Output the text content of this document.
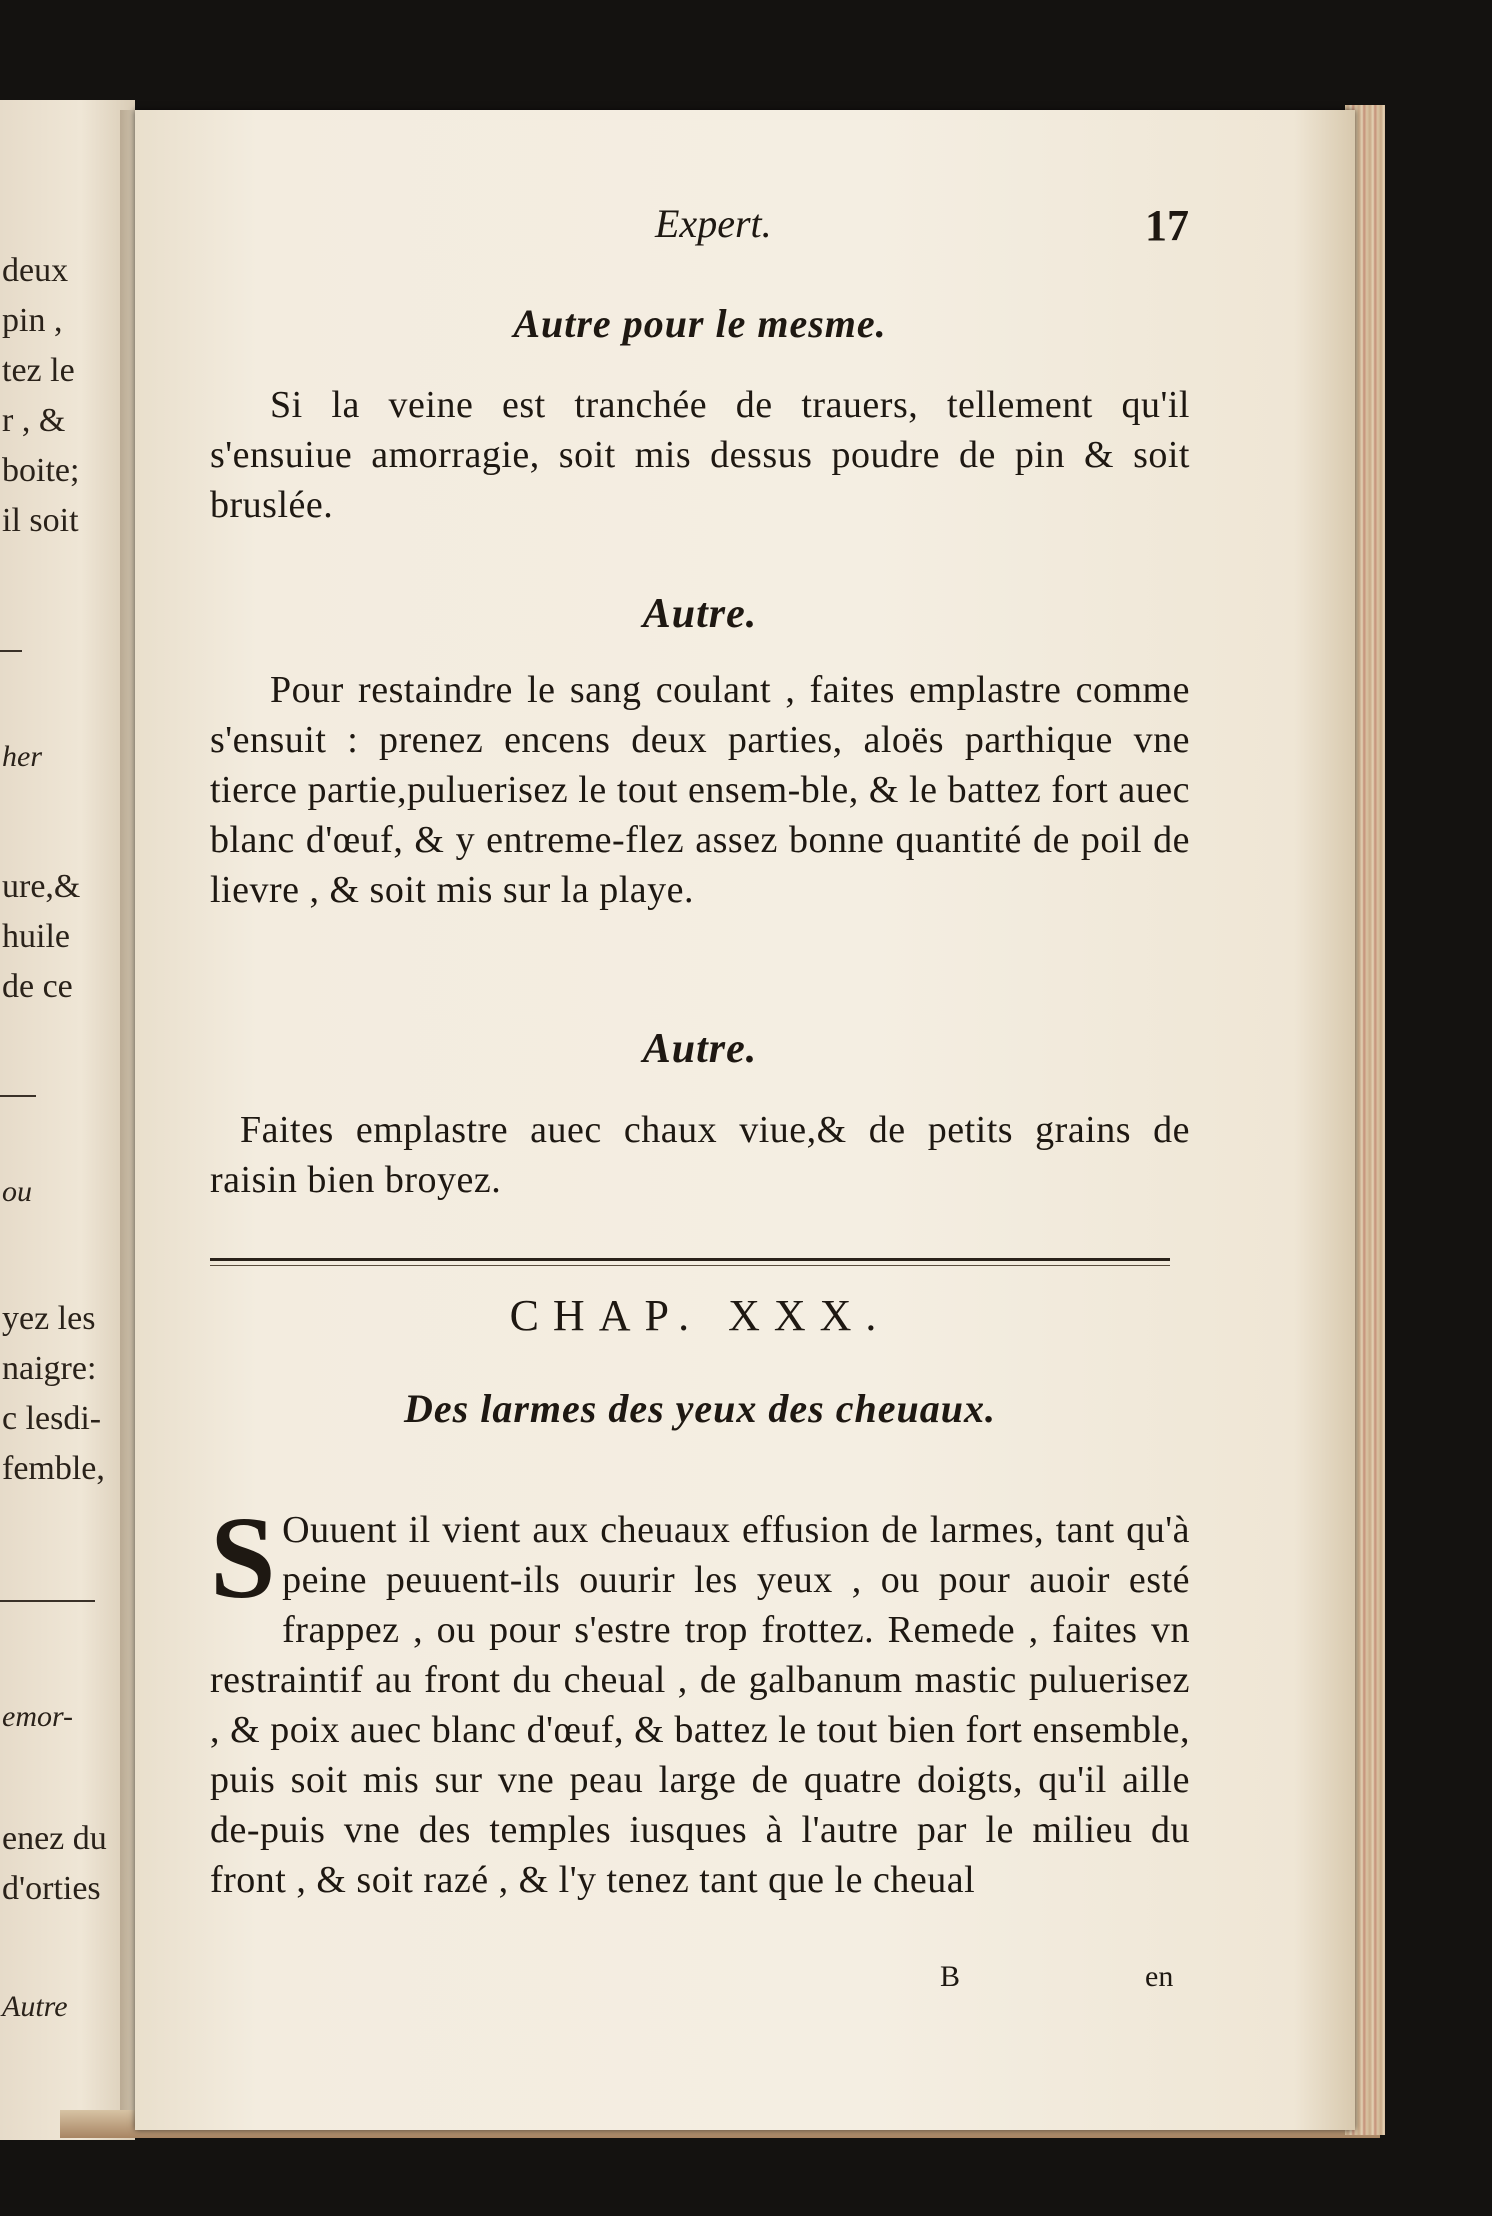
deux
pin ,
tez le
r , &
boite;
il soit
her
ure,&
huile
de ce
ou
yez les
naigre:
c lesdi-
femble,
emor-
enez du
d'orties
Autre
Expert.	17
Autre pour le mesme.

Si la veine est tranchée de trauers, tellement qu'il s'ensuiue amorragie, soit mis dessus poudre de pin & soit bruslée.

Autre.

Pour restaindre le sang coulant , faites emplastre comme s'ensuit : prenez encens deux parties, aloës parthique vne tierce partie,puluerisez le tout ensem-ble, & le battez fort auec blanc d'œuf, & y entreme-flez assez bonne quantité de poil de lievre , & soit mis sur la playe.

Autre.

Faites emplastre auec chaux viue,& de petits grains de raisin bien broyez.

CHAP. XXX.
Des larmes des yeux des cheuaux.
S Ouuent il vient aux cheuaux effusion de larmes, tant qu'à peine peuuent-ils ouurir les yeux , ou pour auoir esté frappez , ou pour s'estre trop frottez. Remede , faites vn restraintif au front du cheual , de galbanum mastic puluerisez , & poix auec blanc d'œuf, & battez le tout bien fort ensemble, puis soit mis sur vne peau large de quatre doigts, qu'il aille de-puis vne des temples iusques à l'autre par le milieu du front , & soit razé , & l'y tenez tant que le cheual
B	en
